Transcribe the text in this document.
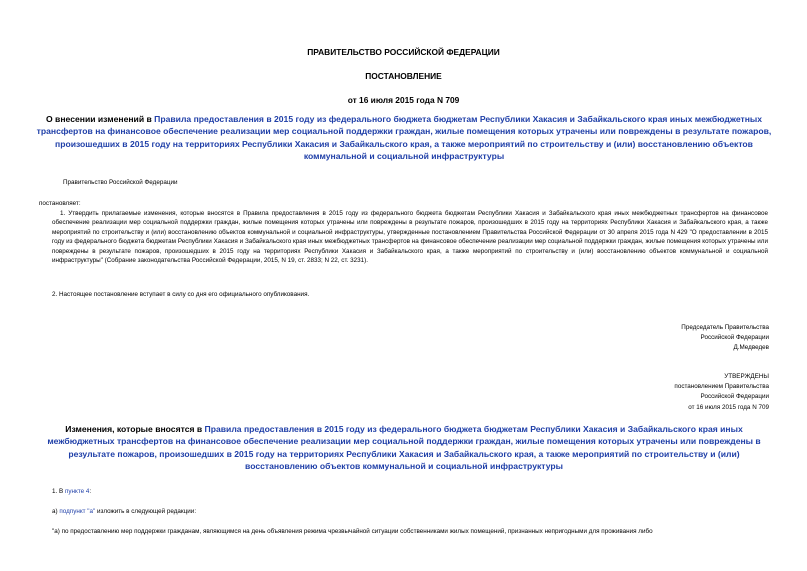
ПРАВИТЕЛЬСТВО РОССИЙСКОЙ ФЕДЕРАЦИИ
ПОСТАНОВЛЕНИЕ
от 16 июля 2015 года N 709
О внесении изменений в Правила предоставления в 2015 году из федерального бюджета бюджетам Республики Хакасия и Забайкальского края иных межбюджетных трансфертов на финансовое обеспечение реализации мер социальной поддержки граждан, жилые помещения которых утрачены или повреждены в результате пожаров, произошедших в 2015 году на территориях Республики Хакасия и Забайкальского края, а также мероприятий по строительству и (или) восстановлению объектов коммунальной и социальной инфраструктуры
Правительство Российской Федерации
постановляет:
1. Утвердить прилагаемые изменения, которые вносятся в Правила предоставления в 2015 году из федерального бюджета бюджетам Республики Хакасия и Забайкальского края иных межбюджетных трансфертов на финансовое обеспечение реализации мер социальной поддержки граждан, жилые помещения которых утрачены или повреждены в результате пожаров, произошедших в 2015 году на территориях Республики Хакасия и Забайкальского края, а также мероприятий по строительству и (или) восстановлению объектов коммунальной и социальной инфраструктуры, утвержденные постановлением Правительства Российской Федерации от 30 апреля 2015 года N 429 "О предоставлении в 2015 году из федерального бюджета бюджетам Республики Хакасия и Забайкальского края иных межбюджетных трансфертов на финансовое обеспечение реализации мер социальной поддержки граждан, жилые помещения которых утрачены или повреждены в результате пожаров, произошедших в 2015 году на территориях Республики Хакасия и Забайкальского края, а также мероприятий по строительству и (или) восстановлению объектов коммунальной и социальной инфраструктуры" (Собрание законодательства Российской Федерации, 2015, N 19, ст. 2833; N 22, ст. 3231).
2. Настоящее постановление вступает в силу со дня его официального опубликования.
Председатель Правительства
Российской Федерации
Д.Медведев
УТВЕРЖДЕНЫ
постановлением Правительства
Российской Федерации
от 16 июля 2015 года N 709
Изменения, которые вносятся в Правила предоставления в 2015 году из федерального бюджета бюджетам Республики Хакасия и Забайкальского края иных межбюджетных трансфертов на финансовое обеспечение реализации мер социальной поддержки граждан, жилые помещения которых утрачены или повреждены в результате пожаров, произошедших в 2015 году на территориях Республики Хакасия и Забайкальского края, а также мероприятий по строительству и (или) восстановлению объектов коммунальной и социальной инфраструктуры
1. В пункте 4:
а) подпункт "а" изложить в следующей редакции:
"а) по предоставлению мер поддержки гражданам, являющимся на день объявления режима чрезвычайной ситуации собственниками жилых помещений, признанных непригодными для проживания либо
